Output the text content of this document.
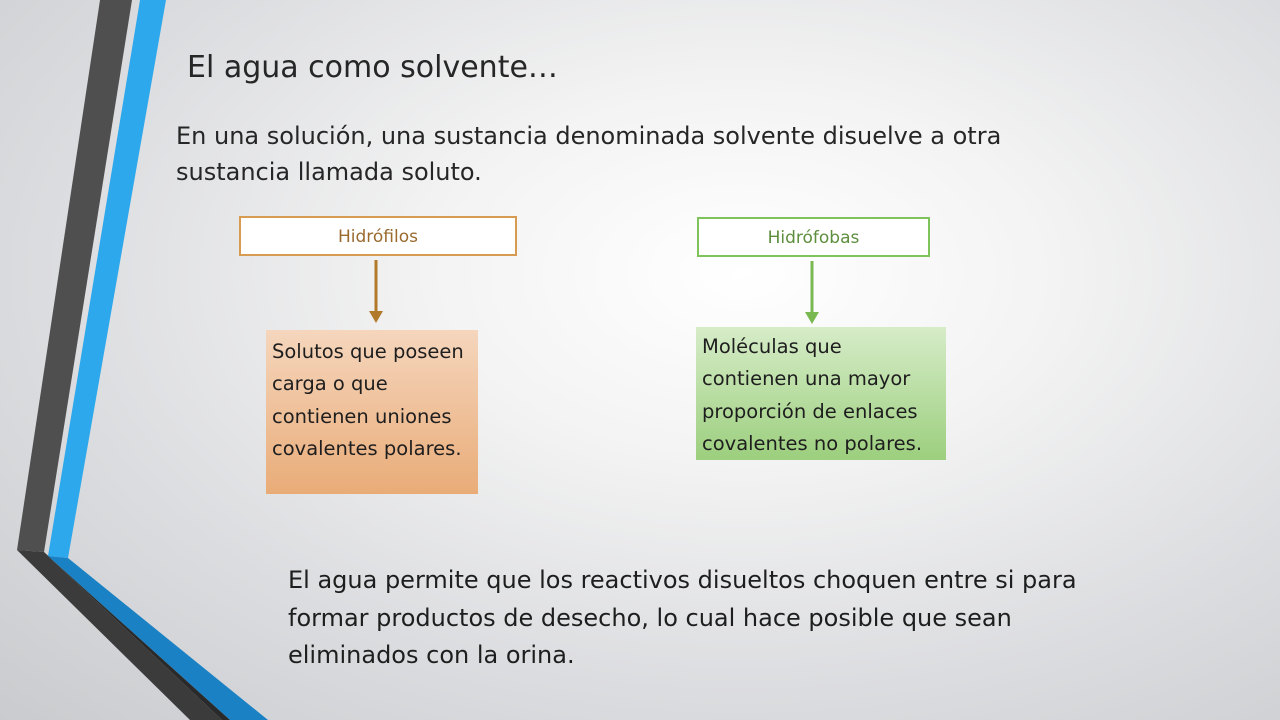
El agua como solvente…

En una solución, una sustancia denominada solvente disuelve a otra sustancia llamada soluto.

Hidrófilos	Hidrófobas
Solutos que poseen carga o que contienen uniones covalentes polares.
Moléculas que contienen una mayor proporción de enlaces covalentes no polares.

El agua permite que los reactivos disueltos choquen entre si para formar productos de desecho, lo cual hace posible que sean eliminados con la orina.
